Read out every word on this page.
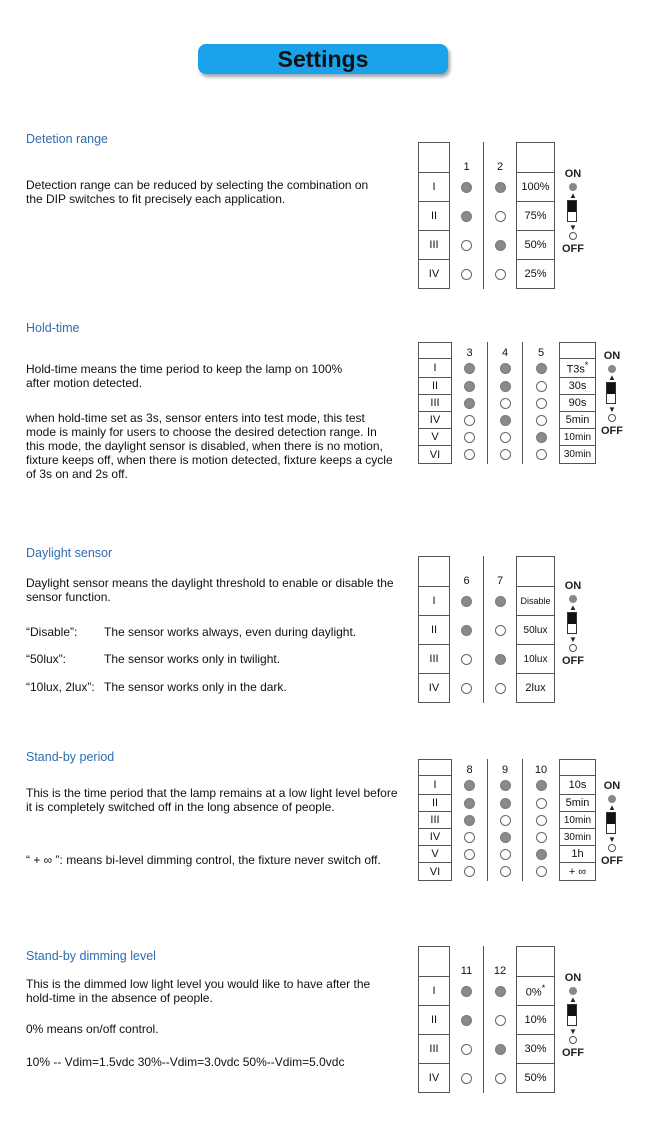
Settings
Detetion range
Detection range can be reduced by selecting the combination on the DIP switches to fit precisely each application.
	1	2	
I			100%
II			75%
III			50%
IV			25%
ON
▲
▼
OFF
Hold-time
Hold-time means the time period to keep the lamp on 100% after motion detected.
when hold-time set as 3s, sensor enters into test mode, this test mode is mainly for users to choose the desired detection range. In this mode, the daylight sensor is disabled, when there is no motion, fixture keeps off, when there is motion detected, fixture keeps a cycle of 3s on and 2s off.
	3	4	5	
I				T3s*
II				30s
III				90s
IV				5min
V				10min
VI				30min
ON
▲
▼
OFF
Daylight sensor
Daylight sensor means the daylight threshold to enable or disable the sensor function.
“Disable”: The sensor works always, even during daylight.
“50lux”:	The sensor works only in twilight.
“10lux, 2lux”: The sensor works only in the dark.
	6	7	
I			Disable
II			50lux
III			10lux
IV			2lux
ON
▲
▼
OFF
Stand-by period
This is the time period that the lamp remains at a low light level before it is completely switched off in the long absence of people.
“ + ∞ ”: means bi-level dimming control, the fixture never switch off.
	8	9	10	
I				10s
II				5min
III				10min
IV				30min
V				1h
VI				+ ∞
ON
▲
▼
OFF
Stand-by dimming level
This is the dimmed low light level you would like to have after the hold-time in the absence of people.
0% means on/off control.
10% -- Vdim=1.5vdc 30%--Vdim=3.0vdc 50%--Vdim=5.0vdc
	11	12	
I			0%*
II			10%
III			30%
IV			50%
ON
▲
▼
OFF
